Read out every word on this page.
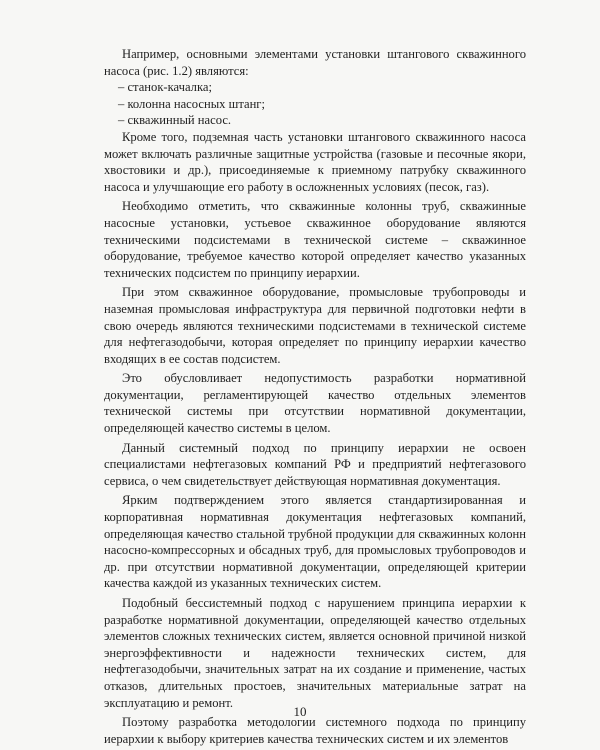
Например, основными элементами установки штангового скважинного насоса (рис. 1.2) являются:

– станок-качалка;
– колонна насосных штанг;
– скважинный насос.

Кроме того, подземная часть установки штангового скважинного насоса может включать различные защитные устройства (газовые и песочные якори, хвостовики и др.), присоединяемые к приемному патрубку скважинного насоса и улучшающие его работу в осложненных условиях (песок, газ).

Необходимо отметить, что скважинные колонны труб, скважинные насосные установки, устьевое скважинное оборудование являются техническими подсистемами в технической системе – скважинное оборудование, требуемое качество которой определяет качество указанных технических подсистем по принципу иерархии.

При этом скважинное оборудование, промысловые трубопроводы и наземная промысловая инфраструктура для первичной подготовки нефти в свою очередь являются техническими подсистемами в технической системе для нефтегазодобычи, которая определяет по принципу иерархии качество входящих в ее состав подсистем.

Это обусловливает недопустимость разработки нормативной документации, регламентирующей качество отдельных элементов технической системы при отсутствии нормативной документации, определяющей качество системы в целом.

Данный системный подход по принципу иерархии не освоен специалистами нефтегазовых компаний РФ и предприятий нефтегазового сервиса, о чем свидетельствует действующая нормативная документация.

Ярким подтверждением этого является стандартизированная и корпоративная нормативная документация нефтегазовых компаний, определяющая качество стальной трубной продукции для скважинных колонн насосно-компрессорных и обсадных труб, для промысловых трубопроводов и др. при отсутствии нормативной документации, определяющей критерии качества каждой из указанных технических систем.

Подобный бессистемный подход с нарушением принципа иерархии к разработке нормативной документации, определяющей качество отдельных элементов сложных технических систем, является основной причиной низкой энергоэффективности и надежности технических систем, для нефтегазодобычи, значительных затрат на их создание и применение, частых отказов, длительных простоев, значительных материальные затрат на эксплуатацию и ремонт.

Поэтому разработка методологии системного подхода по принципу иерархии к выбору критериев качества технических систем и их элементов

10
